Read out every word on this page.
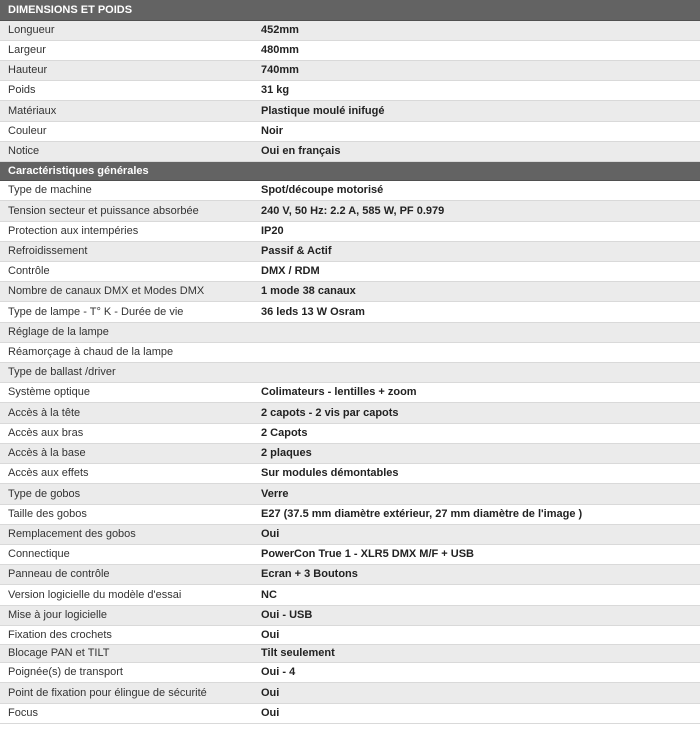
DIMENSIONS ET POIDS	
Longueur	452mm
Largeur	480mm
Hauteur	740mm
Poids	31 kg
Matériaux	Plastique moulé inifugé
Couleur	Noir
Notice	Oui en français
Caractéristiques générales	
Type de machine	Spot/découpe motorisé
Tension secteur et puissance absorbée	240 V, 50 Hz: 2.2 A, 585 W, PF 0.979
Protection aux intempéries	IP20
Refroidissement	Passif & Actif
Contrôle	DMX / RDM
Nombre de canaux DMX et Modes DMX	1 mode 38 canaux
Type de lampe - T° K - Durée de vie	36 leds 13 W Osram
Réglage de la lampe	
Réamorçage à chaud de la lampe	
Type de ballast /driver	
Système optique	Colimateurs - lentilles + zoom
Accès à la tête	2 capots - 2 vis par capots
Accès aux bras	2 Capots
Accès à la base	2 plaques
Accès aux effets	Sur modules démontables
Type de gobos	Verre
Taille des gobos	E27 (37.5 mm diamètre extérieur, 27 mm diamètre de l'image )
Remplacement des gobos	Oui
Connectique	PowerCon True 1 - XLR5 DMX M/F + USB
Panneau de contrôle	Ecran + 3 Boutons
Version logicielle du modèle d'essai	NC
Mise à jour logicielle	Oui - USB
Fixation des crochets	Oui
Blocage PAN et TILT	Tilt seulement
Poignée(s) de transport	Oui - 4
Point de fixation pour élingue de sécurité	Oui
Focus	Oui
